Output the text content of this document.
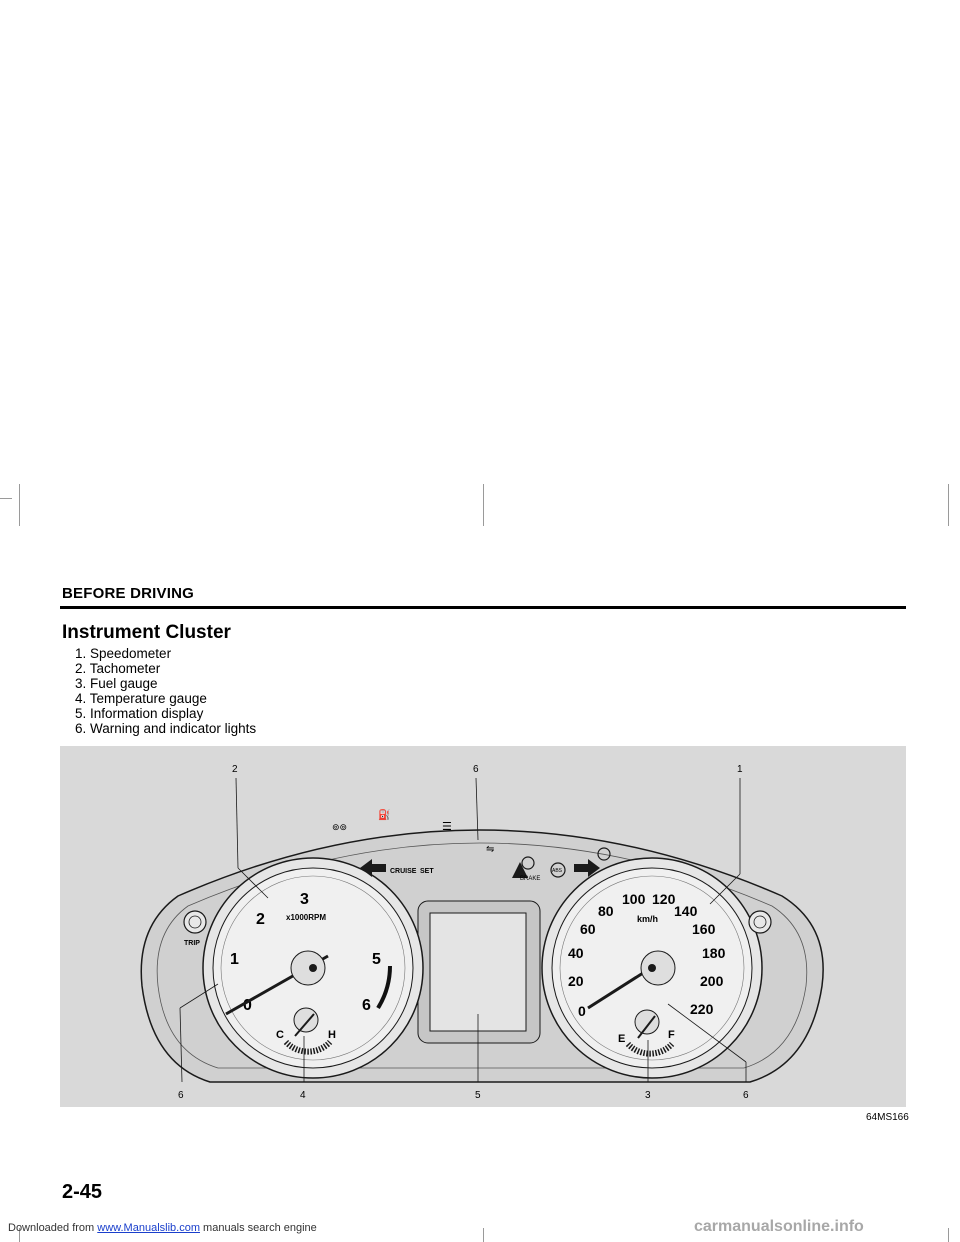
BEFORE DRIVING
Instrument Cluster
1. Speedometer
2. Tachometer
3. Fuel gauge
4. Temperature gauge
5. Information display
6. Warning and indicator lights
0
1
2
3
5
6
x1000RPM
C	H
0
20
40
60
80
100 120
140
160
180
200
220
km/h
E	F
TRIP
CRUISE SET
BRAKE
ABS
⊚⊚
⛽
☰
⇋
2	6	1
6	4	5	3	6
64MS166
2-45
Downloaded from www.Manualslib.com manuals search engine	carmanualsonline.info
